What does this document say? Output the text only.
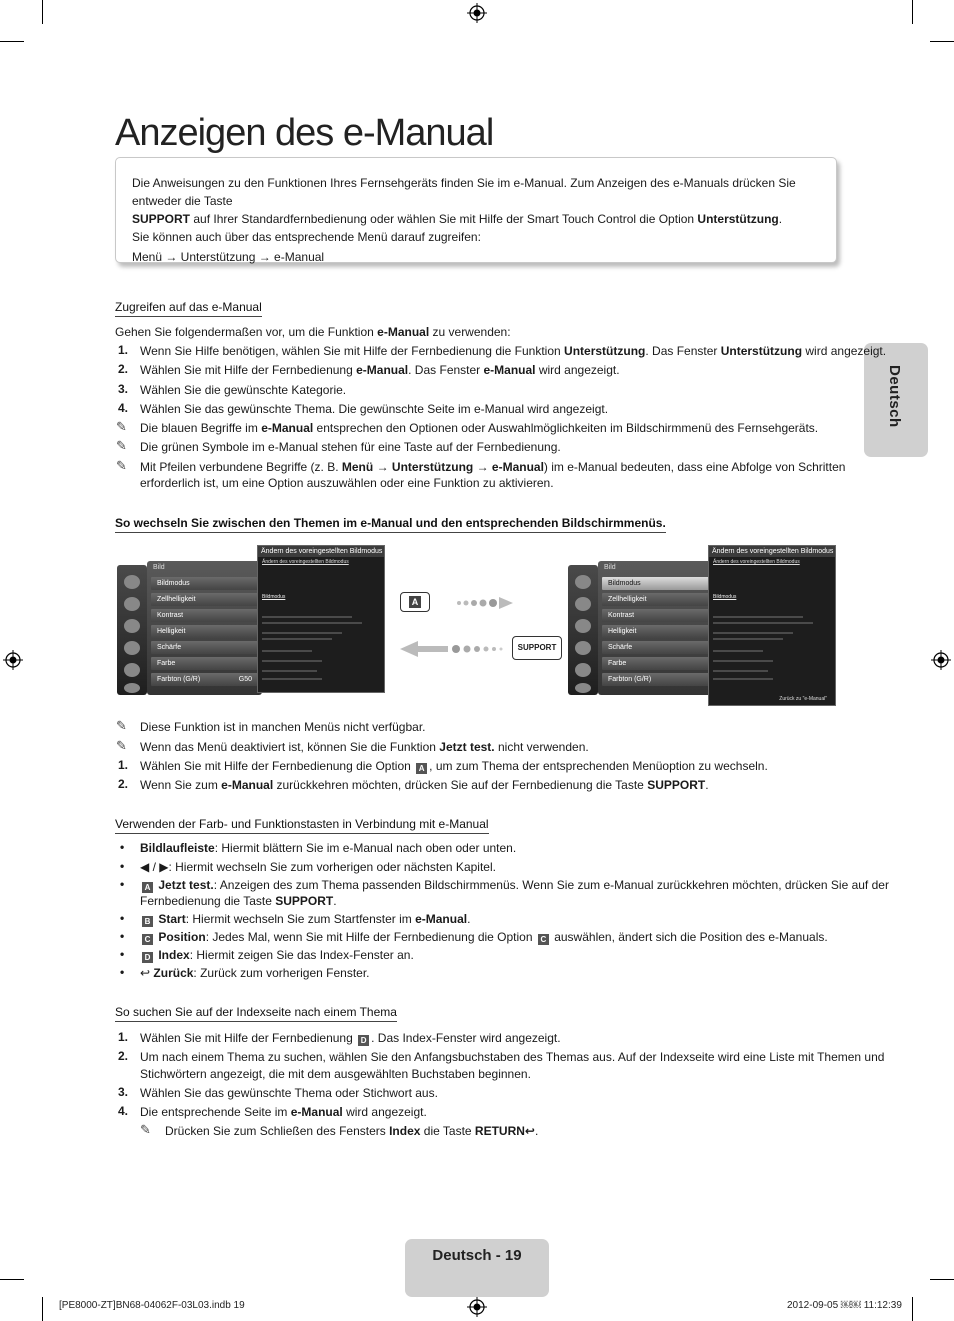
Anzeigen des e-Manual

Die Anweisungen zu den Funktionen Ihres Fernsehgeräts finden Sie im e-Manual. Zum Anzeigen des e-Manuals drücken Sie entweder die Taste

SUPPORT auf Ihrer Standardfernbedienung oder wählen Sie mit Hilfe der Smart Touch Control die Option Unterstützung.

Sie können auch über das entsprechende Menü darauf zugreifen:

Menü → Unterstützung → e-Manual

Deutsch
Zugreifen auf das e-Manual
Gehen Sie folgendermaßen vor, um die Funktion e-Manual zu verwenden:
1. Wenn Sie Hilfe benötigen, wählen Sie mit Hilfe der Fernbedienung die Funktion Unterstützung. Das Fenster Unterstützung wird angezeigt.
2. Wählen Sie mit Hilfe der Fernbedienung e-Manual. Das Fenster e-Manual wird angezeigt.
3. Wählen Sie die gewünschte Kategorie.
4. Wählen Sie das gewünschte Thema. Die gewünschte Seite im e-Manual wird angezeigt.
✎ Die blauen Begriffe im e-Manual entsprechen den Optionen oder Auswahlmöglichkeiten im Bildschirmmenü des Fernsehgeräts.
✎ Die grünen Symbole im e-Manual stehen für eine Taste auf der Fernbedienung.
✎ Mit Pfeilen verbundene Begriffe (z. B. Menü → Unterstützung → e-Manual) im e-Manual bedeuten, dass eine Abfolge von Schritten
erforderlich ist, um eine Option auszuwählen oder eine Funktion zu aktivieren.
So wechseln Sie zwischen den Themen im e-Manual und den entsprechenden Bildschirmmenüs.
Bild
Bildmodus
Zellhelligkeit
Kontrast
Helligkeit
Schärfe
Farbe
Farbton (G/R)	G50
Ändern des voreingestellten Bildmodus
Ändern des voreingestellten Bildmodus
Bildmodus	A
SUPPORT
Bild
Bildmodus
Zellhelligkeit
Kontrast
Helligkeit
Schärfe
Farbe
Farbton (G/R)
Ändern des voreingestellten Bildmodus
Ändern des voreingestellten Bildmodus
Bildmodus
Zurück zu "e-Manual"
✎ Diese Funktion ist in manchen Menüs nicht verfügbar.
✎ Wenn das Menü deaktiviert ist, können Sie die Funktion Jetzt test. nicht verwenden.
1. Wählen Sie mit Hilfe der Fernbedienung die Option A , um zum Thema der entsprechenden Menüoption zu wechseln.
2. Wenn Sie zum e-Manual zurückkehren möchten, drücken Sie auf der Fernbedienung die Taste SUPPORT.
Verwenden der Farb- und Funktionstasten in Verbindung mit e-Manual
• Bildlaufleiste: Hiermit blättern Sie im e-Manual nach oben oder unten.
• ◀ / ▶: Hiermit wechseln Sie zum vorherigen oder nächsten Kapitel.
•	A Jetzt test.: Anzeigen des zum Thema passenden Bildschirmmenüs. Wenn Sie zum e-Manual zurückkehren möchten, drücken Sie auf der
Fernbedienung die Taste SUPPORT.
•	B Start: Hiermit wechseln Sie zum Startfenster im e-Manual.
•	C Position: Jedes Mal, wenn Sie mit Hilfe der Fernbedienung die Option C auswählen, ändert sich die Position des e-Manuals.
•	D Index: Hiermit zeigen Sie das Index-Fenster an.
• ↩ Zurück: Zurück zum vorherigen Fenster.
So suchen Sie auf der Indexseite nach einem Thema
1. Wählen Sie mit Hilfe der Fernbedienung D . Das Index-Fenster wird angezeigt.
2. Um nach einem Thema zu suchen, wählen Sie den Anfangsbuchstaben des Themas aus. Auf der Indexseite wird eine Liste mit Themen und
Stichwörtern angezeigt, die mit dem ausgewählten Buchstaben beginnen.
3. Wählen Sie das gewünschte Thema oder Stichwort aus.
4. Die entsprechende Seite im e-Manual wird angezeigt.
✎ Drücken Sie zum Schließen des Fensters Index die Taste RETURN↩.
Deutsch - 19
[PE8000-ZT]BN68-04062F-03L03.indb 19	2012-09-05 ￼￼ 11:12:39
